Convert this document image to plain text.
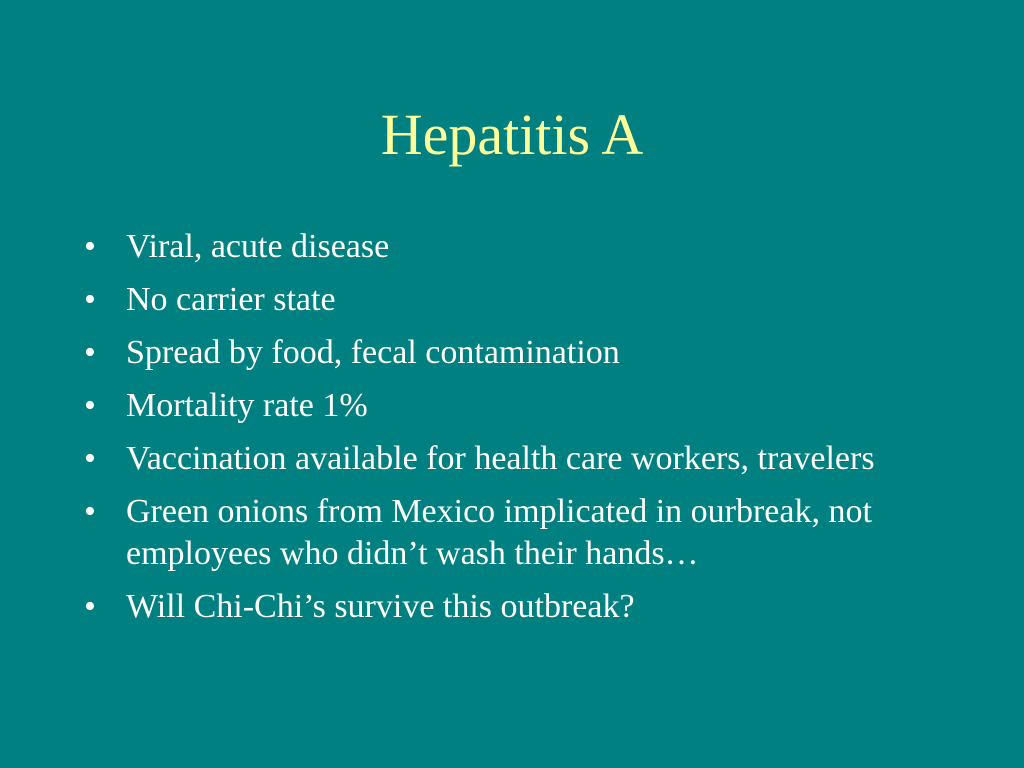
Hepatitis A
• Viral, acute disease
• No carrier state
• Spread by food, fecal contamination
• Mortality rate 1%
• Vaccination available for health care workers, travelers
• Green onions from Mexico implicated in ourbreak, not employees who didn’t wash their hands…
• Will Chi-Chi’s survive this outbreak?
